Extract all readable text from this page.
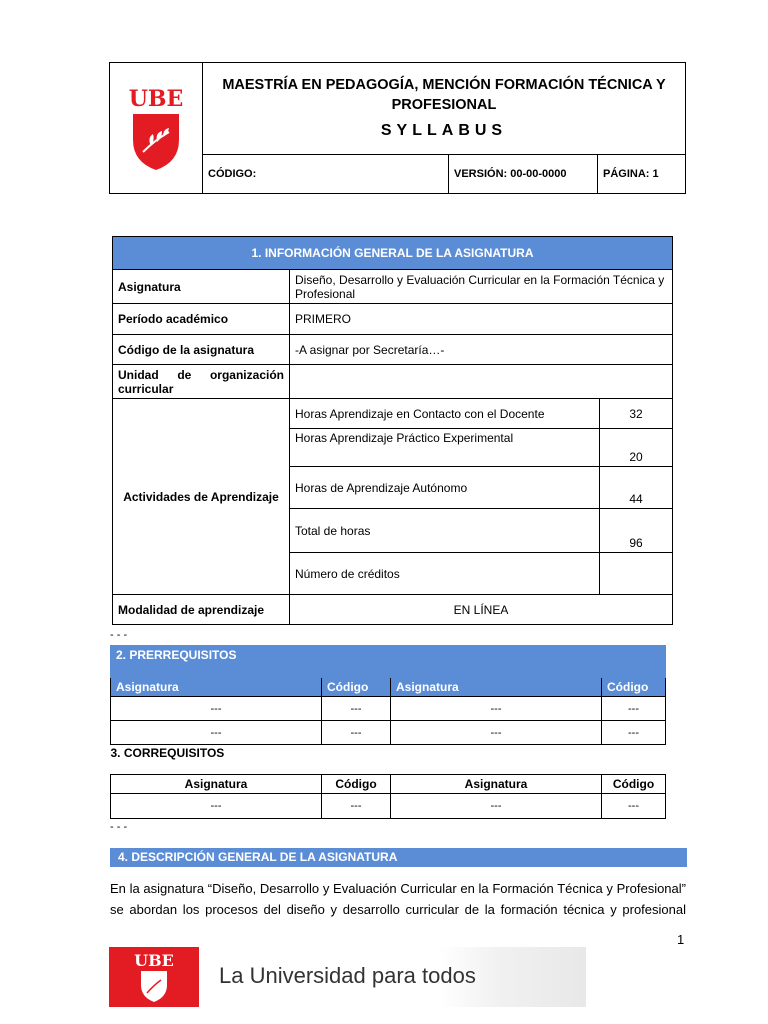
UBE	MAESTRÍA EN PEDAGOGÍA, MENCIÓN FORMACIÓN TÉCNICA Y PROFESIONAL
SYLLABUS		

	CÓDIGO:	VERSIÓN: 00-00-0000	PÁGINA: 1
1. INFORMACIÓN GENERAL DE LA ASIGNATURA		
Asignatura	Diseño, Desarrollo y Evaluación Curricular en la Formación Técnica y Profesional	
Período académico	PRIMERO	
Código de la asignatura	-A asignar por Secretaría…-	
Unidad de organización curricular		
Actividades de Aprendizaje	Horas Aprendizaje en Contacto con el Docente	32
	Horas Aprendizaje Práctico Experimental	20
	Horas de Aprendizaje Autónomo	44
	Total de horas	96
	Número de créditos	
Modalidad de aprendizaje	EN LÍNEA	
- - -
2. PRERREQUISITOS			
Asignatura	Código	Asignatura	Código
---	---	---	---
---	---	---	---
3. CORREQUISITOS			
Asignatura	Código	Asignatura	Código
---	---	---	---
- - -
4. DESCRIPCIÓN GENERAL DE LA ASIGNATURA
En la asignatura “Diseño, Desarrollo y Evaluación Curricular en la Formación Técnica y Profesional”
se abordan los procesos del diseño y desarrollo curricular de la formación técnica y profesional
1
UBE
La Universidad para todos
